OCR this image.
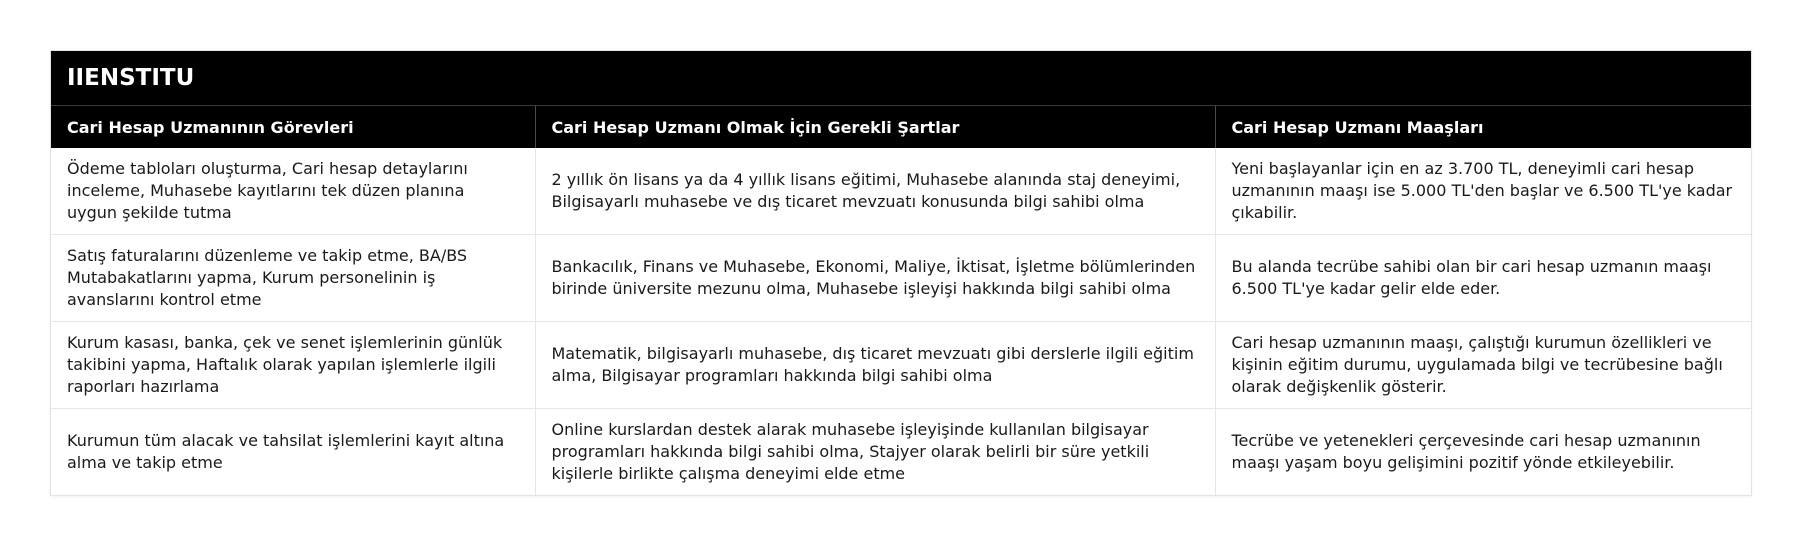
IIENSTITU		
Cari Hesap Uzmanının Görevleri	Cari Hesap Uzmanı Olmak İçin Gerekli Şartlar	Cari Hesap Uzmanı Maaşları
Ödeme tabloları oluşturma, Cari hesap detaylarını inceleme, Muhasebe kayıtlarını tek düzen planına uygun şekilde tutma	2 yıllık ön lisans ya da 4 yıllık lisans eğitimi, Muhasebe alanında staj deneyimi, Bilgisayarlı muhasebe ve dış ticaret mevzuatı konusunda bilgi sahibi olma	Yeni başlayanlar için en az 3.700 TL, deneyimli cari hesap uzmanının maaşı ise 5.000 TL'den başlar ve 6.500 TL'ye kadar çıkabilir.
Satış faturalarını düzenleme ve takip etme, BA/BS Mutabakatlarını yapma, Kurum personelinin iş avanslarını kontrol etme	Bankacılık, Finans ve Muhasebe, Ekonomi, Maliye, İktisat, İşletme bölümlerinden birinde üniversite mezunu olma, Muhasebe işleyişi hakkında bilgi sahibi olma	Bu alanda tecrübe sahibi olan bir cari hesap uzmanın maaşı 6.500 TL'ye kadar gelir elde eder.
Kurum kasası, banka, çek ve senet işlemlerinin günlük takibini yapma, Haftalık olarak yapılan işlemlerle ilgili raporları hazırlama	Matematik, bilgisayarlı muhasebe, dış ticaret mevzuatı gibi derslerle ilgili eğitim alma, Bilgisayar programları hakkında bilgi sahibi olma	Cari hesap uzmanının maaşı, çalıştığı kurumun özellikleri ve kişinin eğitim durumu, uygulamada bilgi ve tecrübesine bağlı olarak değişkenlik gösterir.
Kurumun tüm alacak ve tahsilat işlemlerini kayıt altına alma ve takip etme	Online kurslardan destek alarak muhasebe işleyişinde kullanılan bilgisayar programları hakkında bilgi sahibi olma, Stajyer olarak belirli bir süre yetkili kişilerle birlikte çalışma deneyimi elde etme	Tecrübe ve yetenekleri çerçevesinde cari hesap uzmanının maaşı yaşam boyu gelişimini pozitif yönde etkileyebilir.
